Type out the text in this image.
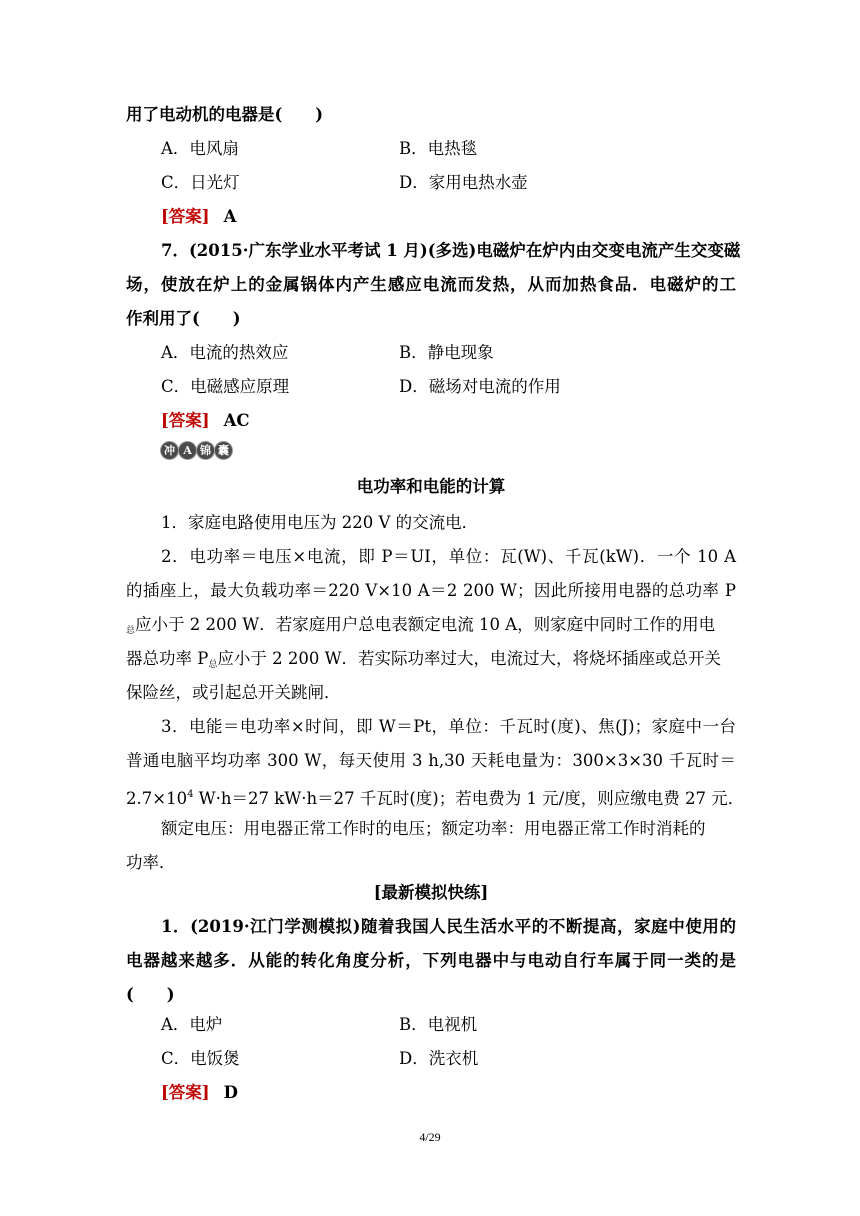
用了电动机的电器是(　　)
A．电风扇	B．电热毯
C．日光灯	D．家用电热水壶
[答案] A
7．(2015·广东学业水平考试 1 月)(多选)电磁炉在炉内由交变电流产生交变磁
场，使放在炉上的金属锅体内产生感应电流而发热，从而加热食品．电磁炉的工
作利用了(　　)
A．电流的热效应	B．静电现象
C．电磁感应原理	D．磁场对电流的作用
[答案] AC
冲 A 锦 囊
电功率和电能的计算
1．家庭电路使用电压为 220 V 的交流电．
2．电功率＝电压×电流，即 P＝UI，单位：瓦(W)、千瓦(kW)．一个 10 A
的插座上，最大负载功率＝220 V×10 A＝2 200 W；因此所接用电器的总功率 P
$_总$应小于 2 200 W．若家庭用户总电表额定电流 10 A，则家庭中同时工作的用电
器总功率 $P_总$应小于 2 200 W．若实际功率过大，电流过大，将烧坏插座或总开关
保险丝，或引起总开关跳闸．
3．电能＝电功率×时间，即 W＝Pt，单位：千瓦时(度)、焦(J)；家庭中一台
普通电脑平均功率 300 W，每天使用 3 h,30 天耗电量为：300×3×30 千瓦时＝
$2.7\times 10^4$ W·h＝27 kW·h＝27 千瓦时(度)；若电费为 1 元/度，则应缴电费 27 元．
额定电压：用电器正常工作时的电压；额定功率：用电器正常工作时消耗的
功率．
[最新模拟快练]
1．(2019·江门学测模拟)随着我国人民生活水平的不断提高，家庭中使用的
电器越来越多．从能的转化角度分析，下列电器中与电动自行车属于同一类的是
(　　)
A．电炉	B．电视机
C．电饭煲	D．洗衣机
[答案] D
4/29
